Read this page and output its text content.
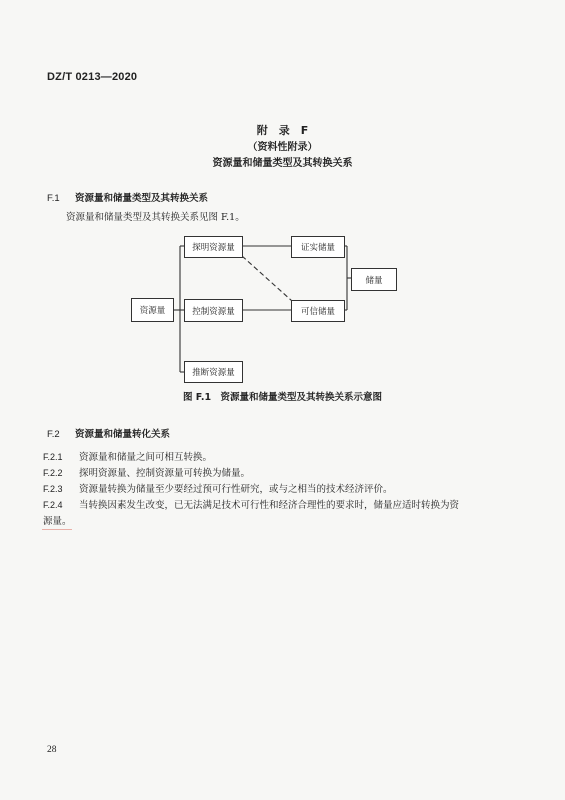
DZ/T 0213—2020
附　录　F
（资料性附录）
资源量和储量类型及其转换关系
F.1 资源量和储量类型及其转换关系
资源量和储量类型及其转换关系见图 F.1。
资源量
探明资源量
控制资源量
推断资源量
证实储量
可信储量
储量
图 F.1　资源量和储量类型及其转换关系示意图
F.2 资源量和储量转化关系
F.2.1 资源量和储量之间可相互转换。
F.2.2 探明资源量、控制资源量可转换为储量。
F.2.3 资源量转换为储量至少要经过预可行性研究，或与之相当的技术经济评价。
F.2.4 当转换因素发生改变，已无法满足技术可行性和经济合理性的要求时，储量应适时转换为资
源量。
28
